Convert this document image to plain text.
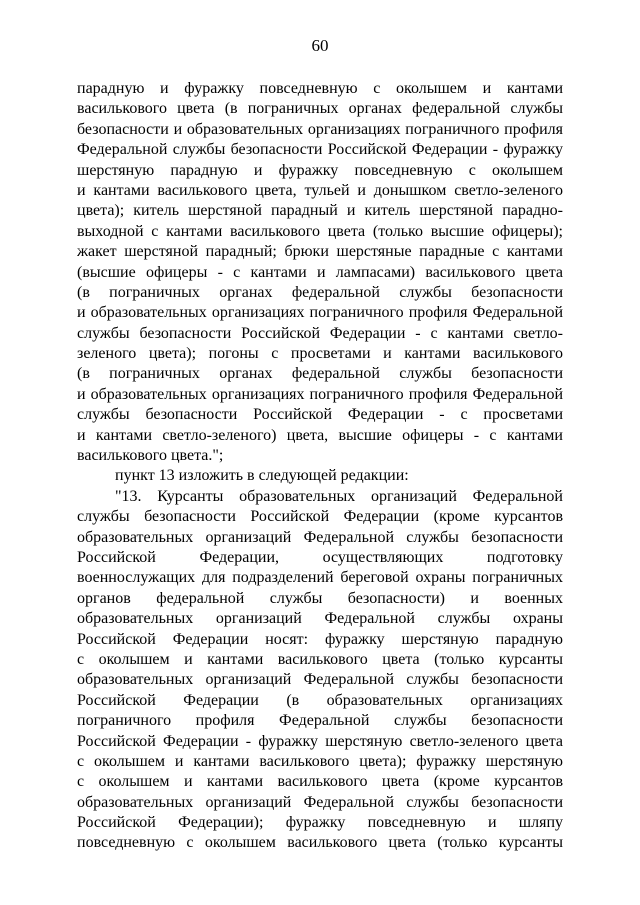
60
парадную и фуражку повседневную с околышем и кантами
василькового цвета (в пограничных органах федеральной службы
безопасности и образовательных организациях пограничного профиля
Федеральной службы безопасности Российской Федерации - фуражку
шерстяную парадную и фуражку повседневную с околышем
и кантами василькового цвета, тульей и донышком светло-зеленого
цвета); китель шерстяной парадный и китель шерстяной парадно-
выходной с кантами василькового цвета (только высшие офицеры);
жакет шерстяной парадный; брюки шерстяные парадные с кантами
(высшие офицеры - с кантами и лампасами) василькового цвета
(в пограничных органах федеральной службы безопасности
и образовательных организациях пограничного профиля Федеральной
службы безопасности Российской Федерации - с кантами светло-
зеленого цвета); погоны с просветами и кантами василькового
(в пограничных органах федеральной службы безопасности
и образовательных организациях пограничного профиля Федеральной
службы безопасности Российской Федерации - с просветами
и кантами светло-зеленого) цвета, высшие офицеры - с кантами
василькового цвета.";
пункт 13 изложить в следующей редакции:
"13. Курсанты образовательных организаций Федеральной
службы безопасности Российской Федерации (кроме курсантов
образовательных организаций Федеральной службы безопасности
Российской Федерации, осуществляющих подготовку
военнослужащих для подразделений береговой охраны пограничных
органов федеральной службы безопасности) и военных
образовательных организаций Федеральной службы охраны
Российской Федерации носят: фуражку шерстяную парадную
с околышем и кантами василькового цвета (только курсанты
образовательных организаций Федеральной службы безопасности
Российской Федерации (в образовательных организациях
пограничного профиля Федеральной службы безопасности
Российской Федерации - фуражку шерстяную светло-зеленого цвета
с околышем и кантами василькового цвета); фуражку шерстяную
с околышем и кантами василькового цвета (кроме курсантов
образовательных организаций Федеральной службы безопасности
Российской Федерации); фуражку повседневную и шляпу
повседневную с околышем василькового цвета (только курсанты
